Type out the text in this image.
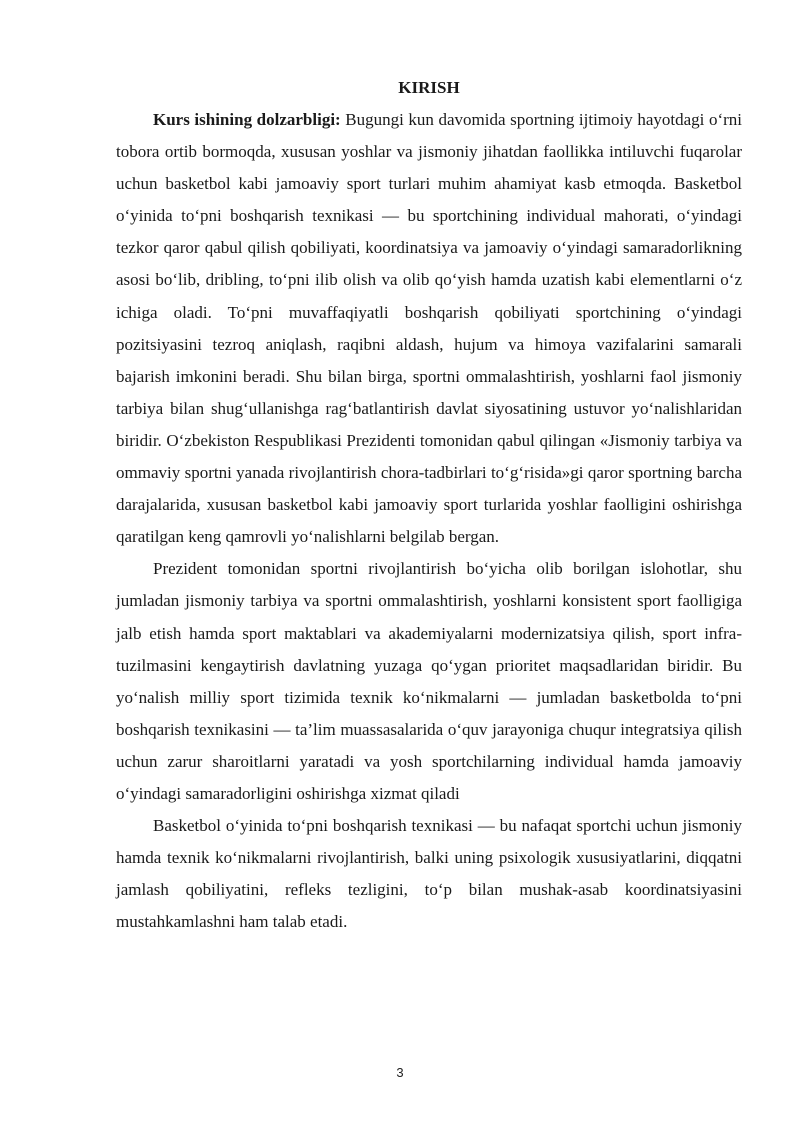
KIRISH

Kurs ishining dolzarbligi: Bugungi kun davomida sportning ijtimoiy hayotdagi o‘rni tobora ortib bormoqda, xususan yoshlar va jismoniy jihatdan faollikka intiluvchi fuqarolar uchun basketbol kabi jamoaviy sport turlari muhim ahamiyat kasb etmoqda. Basketbol o‘yinida to‘pni boshqarish texnikasi — bu sportchining individual mahorati, o‘yindagi tezkor qaror qabul qilish qobiliyati, koordinatsiya va jamoaviy o‘yindagi samaradorlikning asosi bo‘lib, dribling, to‘pni ilib olish va olib qo‘yish hamda uzatish kabi elementlarni o‘z ichiga oladi. To‘pni muvaffaqiyatli boshqarish qobiliyati sportchining o‘yindagi pozitsiyasini tezroq aniqlash, raqibni aldash, hujum va himoya vazifalarini samarali bajarish imkonini beradi. Shu bilan birga, sportni ommalashtirish, yoshlarni faol jismoniy tarbiya bilan shug‘ullanishga rag‘batlantirish davlat siyosatining ustuvor yo‘nalishlaridan biridir. O‘zbekiston Respublikasi Prezidenti tomonidan qabul qilingan «Jismoniy tarbiya va ommaviy sportni yanada rivojlantirish chora-tadbirlari to‘g‘risida»gi qaror sportning barcha darajalarida, xususan basketbol kabi jamoaviy sport turlarida yoshlar faolligini oshirishga qaratilgan keng qamrovli yo‘nalishlarni belgilab bergan.

Prezident tomonidan sportni rivojlantirish bo‘yicha olib borilgan islohotlar, shu jumladan jismoniy tarbiya va sportni ommalashtirish, yoshlarni konsistent sport faolligiga jalb etish hamda sport maktablari va akademiyalarni modernizatsiya qilish, sport infra-tuzilmasini kengaytirish davlatning yuzaga qo‘ygan prioritet maqsadlaridan biridir. Bu yo‘nalish milliy sport tizimida texnik ko‘nikmalarni — jumladan basketbolda to‘pni boshqarish texnikasini — ta’lim muassasalarida o‘quv jarayoniga chuqur integratsiya qilish uchun zarur sharoitlarni yaratadi va yosh sportchilarning individual hamda jamoaviy o‘yindagi samaradorligini oshirishga xizmat qiladi

Basketbol o‘yinida to‘pni boshqarish texnikasi — bu nafaqat sportchi uchun jismoniy hamda texnik ko‘nikmalarni rivojlantirish, balki uning psixologik xususiyatlarini, diqqatni jamlash qobiliyatini, refleks tezligini, to‘p bilan mushak-asab koordinatsiyasini mustahkamlashni ham talab etadi.

3
